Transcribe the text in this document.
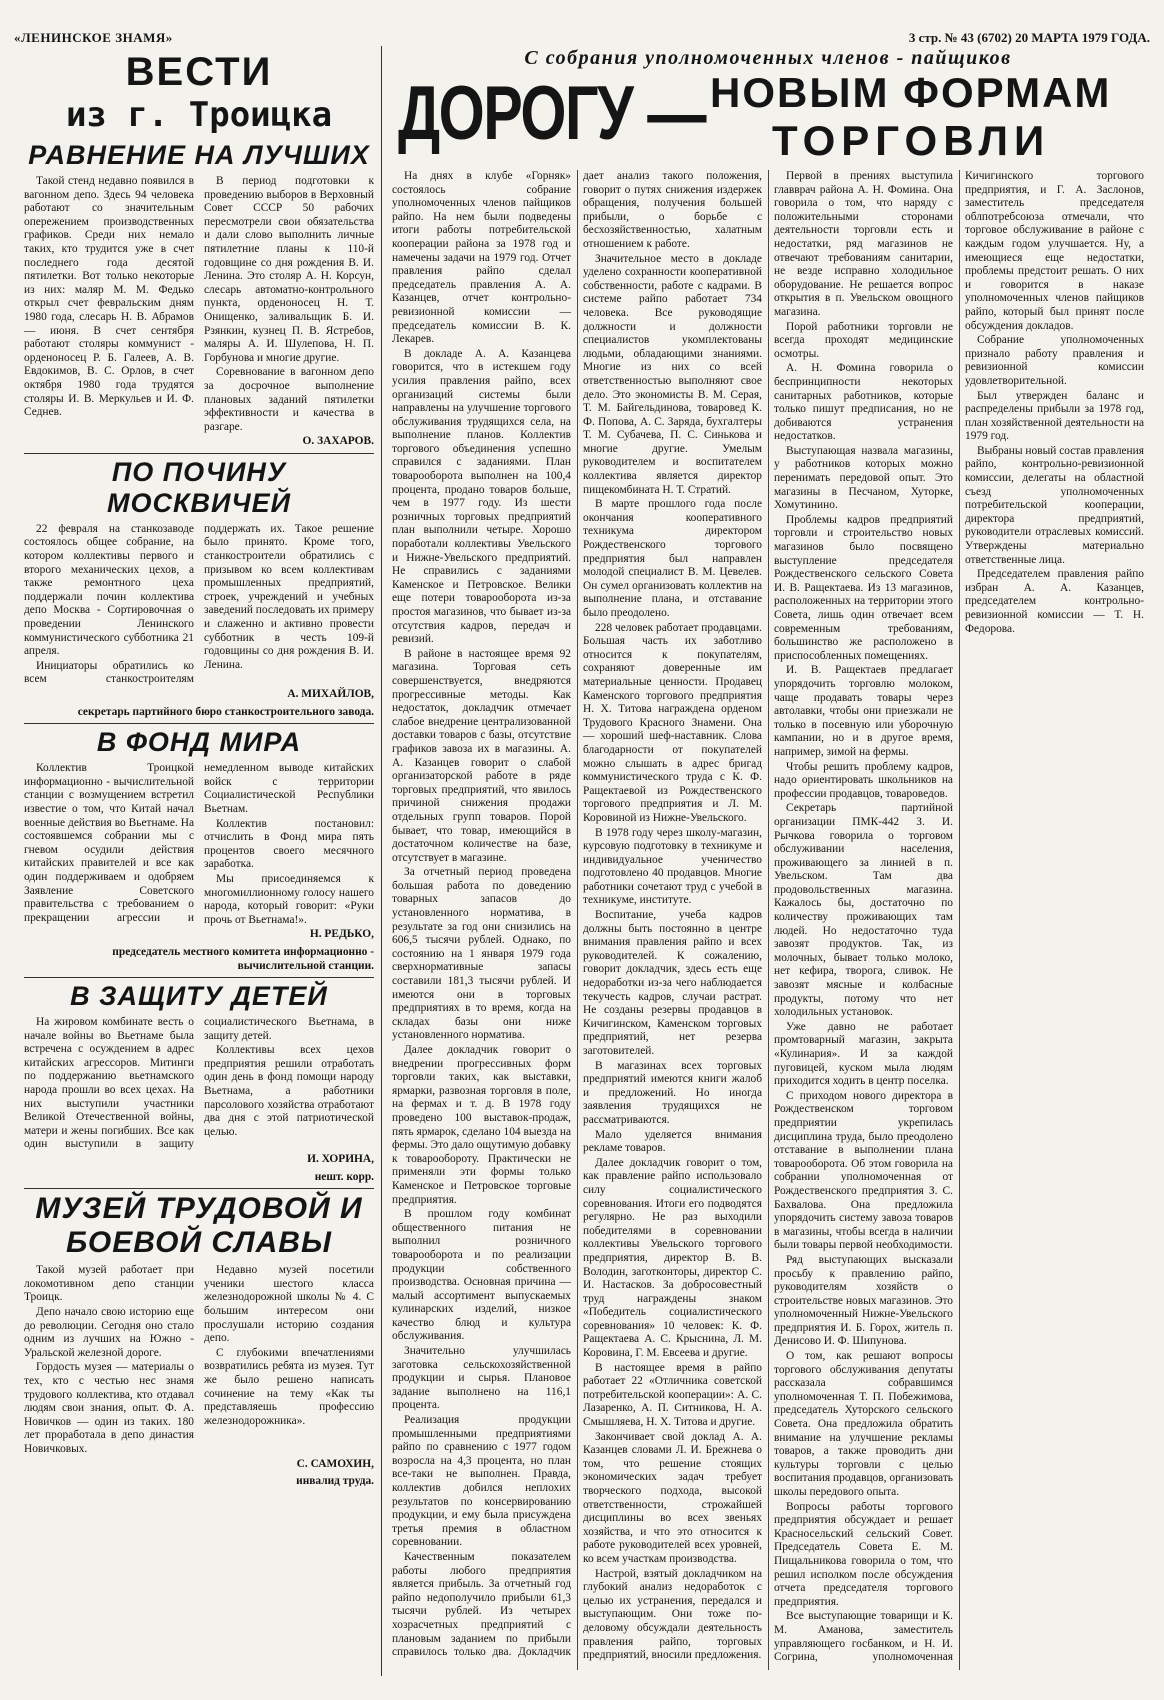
«ЛЕНИНСКОЕ ЗНАМЯ»	3 стр. № 43 (6702) 20 МАРТА 1979 ГОДА.
ВЕСТИ
из г. Троицка
РАВНЕНИЕ НА ЛУЧШИХ

Такой стенд недавно появился в вагонном депо. Здесь 94 человека работают со значительным опережением производственных графиков. Среди них немало таких, кто трудится уже в счет последнего года десятой пятилетки. Вот только некоторые из них: маляр М. М. Федько открыл счет февральским дням 1980 года, слесарь Н. В. Абрамов — июня. В счет сентября работают столяры коммунист - орденоносец Р. Б. Галеев, А. В. Евдокимов, В. С. Орлов, в счет октября 1980 года трудятся столяры И. В. Меркульев и И. Ф. Седнев.

В период подготовки к проведению выборов в Верховный Совет СССР 50 рабочих пересмотрели свои обязательства и дали слово выполнить личные пятилетние планы к 110-й годовщине со дня рождения В. И. Ленина. Это столяр А. Н. Корсун, слесарь автоматно-контрольного пункта, орденоносец Н. Т. Онищенко, заливальщик Б. И. Рзянкин, кузнец П. В. Ястребов, маляры А. И. Шулепова, Н. П. Горбунова и многие другие.

Соревнование в вагонном депо за досрочное выполнение плановых заданий пятилетки эффективности и качества в разгаре.

О. ЗАХАРОВ.
ПО ПОЧИНУ МОСКВИЧЕЙ

22 февраля на станкозаводе состоялось общее собрание, на котором коллективы первого и второго механических цехов, а также ремонтного цеха поддержали почин коллектива депо Москва - Сортировочная о проведении Ленинского коммунистического субботника 21 апреля.

Инициаторы обратились ко всем станкостроителям поддержать их. Такое решение было принято. Кроме того, станкостроители обратились с призывом ко всем коллективам промышленных предприятий, строек, учреждений и учебных заведений последовать их примеру и слаженно и активно провести субботник в честь 109-й годовщины со дня рождения В. И. Ленина.

А. МИХАЙЛОВ,
секретарь партийного бюро станкостроительного завода.
В ФОНД МИРА

Коллектив Троицкой информационно - вычислительной станции с возмущением встретил известие о том, что Китай начал военные действия во Вьетнаме. На состоявшемся собрании мы с гневом осудили действия китайских правителей и все как один поддерживаем и одобряем Заявление Советского правительства с требованием о прекращении агрессии и немедленном выводе китайских войск с территории Социалистической Республики Вьетнам.

Коллектив постановил: отчислить в Фонд мира пять процентов своего месячного заработка.

Мы присоединяемся к многомиллионному голосу нашего народа, который говорит: «Руки прочь от Вьетнама!».

Н. РЕДЬКО,
председатель местного комитета информационно - вычислительной станции.
В ЗАЩИТУ ДЕТЕЙ

На жировом комбинате весть о начале войны во Вьетнаме была встречена с осуждением в адрес китайских агрессоров. Митинги по поддержанию вьетнамского народа прошли во всех цехах. На них выступили участники Великой Отечественной войны, матери и жены погибших. Все как один выступили в защиту социалистического Вьетнама, в защиту детей.

Коллективы всех цехов предприятия решили отработать один день в фонд помощи народу Вьетнама, а работники парсолового хозяйства отработают два дня с этой патриотической целью.

И. ХОРИНА,
нешт. корр.
МУЗЕЙ ТРУДОВОЙ И БОЕВОЙ СЛАВЫ

Такой музей работает при локомотивном депо станции Троицк.

Депо начало свою историю еще до революции. Сегодня оно стало одним из лучших на Южно - Уральской железной дороге.

Гордость музея — материалы о тех, кто с честью нес знамя трудового коллектива, кто отдавал людям свои знания, опыт. Ф. А. Новичков — один из таких. 180 лет проработала в депо династия Новичковых.

Недавно музей посетили ученики шестого класса железнодорожной школы № 4. С большим интересом они прослушали историю создания депо.

С глубокими впечатлениями возвратились ребята из музея. Тут же было решено написать сочинение на тему «Как ты представляешь профессию железнодорожника».

С. САМОХИН,
инвалид труда.
С собрания уполномоченных членов - пайщиков
ДОРОГУ — НОВЫМ ФОРМАМ
ТОРГОВЛИ

На днях в клубе «Горняк» состоялось собрание уполномоченных членов пайщиков райпо. На нем были подведены итоги работы потребительской кооперации района за 1978 год и намечены задачи на 1979 год. Отчет правления райпо сделал председатель правления А. А. Казанцев, отчет контрольно-ревизионной комиссии — председатель комиссии В. К. Лекарев.

В докладе А. А. Казанцева говорится, что в истекшем году усилия правления райпо, всех организаций системы были направлены на улучшение торгового обслуживания трудящихся села, на выполнение планов. Коллектив торгового объединения успешно справился с заданиями. План товарооборота выполнен на 100,4 процента, продано товаров больше, чем в 1977 году. Из шести розничных торговых предприятий план выполнили четыре. Хорошо поработали коллективы Увельского и Нижне-Увельского предприятий. Не справились с заданиями Каменское и Петровское. Велики еще потери товарооборота из-за простоя магазинов, что бывает из-за отсутствия кадров, передач и ревизий.

В районе в настоящее время 92 магазина. Торговая сеть совершенствуется, внедряются прогрессивные методы. Как недостаток, докладчик отмечает слабое внедрение централизованной доставки товаров с базы, отсутствие графиков завоза их в магазины. А. А. Казанцев говорит о слабой организаторской работе в ряде торговых предприятий, что явилось причиной снижения продажи отдельных групп товаров. Порой бывает, что товар, имеющийся в достаточном количестве на базе, отсутствует в магазине.

За отчетный период проведена большая работа по доведению товарных запасов до установленного норматива, в результате за год они снизились на 606,5 тысячи рублей. Однако, по состоянию на 1 января 1979 года сверхнормативные запасы составили 181,3 тысячи рублей. И имеются они в торговых предприятиях в то время, когда на складах базы они ниже установленного норматива.

Далее докладчик говорит о внедрении прогрессивных форм торговли таких, как выставки, ярмарки, развозная торговля в поле, на фермах и т. д. В 1978 году проведено 100 выставок-продаж, пять ярмарок, сделано 104 выезда на фермы. Это дало ощутимую добавку к товарообороту. Практически не применяли эти формы только Каменское и Петровское торговые предприятия.

В прошлом году комбинат общественного питания не выполнил розничного товарооборота и по реализации продукции собственного производства. Основная причина — малый ассортимент выпускаемых кулинарских изделий, низкое качество блюд и культура обслуживания.

Значительно улучшилась заготовка сельскохозяйственной продукции и сырья. Плановое задание выполнено на 116,1 процента.

Реализация продукции промышленными предприятиями райпо по сравнению с 1977 годом возросла на 4,3 процента, но план все-таки не выполнен. Правда, коллектив добился неплохих результатов по консервированию продукции, и ему была присуждена третья премия в областном соревновании.

Качественным показателем работы любого предприятия является прибыль. За отчетный год райпо недополучило прибыли 61,3 тысячи рублей. Из четырех хозрасчетных предприятий с плановым заданием по прибыли справилось только два. Докладчик дает анализ такого положения, говорит о путях снижения издержек обращения, получения большей прибыли, о борьбе с бесхозяйственностью, халатным отношением к работе.

Значительное место в докладе уделено сохранности кооперативной собственности, работе с кадрами. В системе райпо работает 734 человека. Все руководящие должности и должности специалистов укомплектованы людьми, обладающими знаниями. Многие из них со всей ответственностью выполняют свое дело. Это экономисты В. М. Серая, Т. М. Байгельдинова, товаровед К. Ф. Попова, А. С. Заряда, бухгалтеры Т. М. Субачева, П. С. Синькова и многие другие. Умелым руководителем и воспитателем коллектива является директор пищекомбината Н. Т. Стратий.

В марте прошлого года после окончания кооперативного техникума директором Рождественского торгового предприятия был направлен молодой специалист В. М. Цевелев. Он сумел организовать коллектив на выполнение плана, и отставание было преодолено.

228 человек работает продавцами. Большая часть их заботливо относится к покупателям, сохраняют доверенные им материальные ценности. Продавец Каменского торгового предприятия Н. Х. Титова награждена орденом Трудового Красного Знамени. Она — хороший шеф-наставник. Слова благодарности от покупателей можно слышать в адрес бригад коммунистического труда с К. Ф. Ращектаевой из Рождественского торгового предприятия и Л. М. Коровиной из Нижне-Увельского.

В 1978 году через школу-магазин, курсовую подготовку в техникуме и индивидуальное ученичество подготовлено 40 продавцов. Многие работники сочетают труд с учебой в техникуме, институте.

Воспитание, учеба кадров должны быть постоянно в центре внимания правления райпо и всех руководителей. К сожалению, говорит докладчик, здесь есть еще недоработки из-за чего наблюдается текучесть кадров, случаи растрат. Не созданы резервы продавцов в Кичигинском, Каменском торговых предприятий, нет резерва заготовителей.

В магазинах всех торговых предприятий имеются книги жалоб и предложений. Но иногда заявления трудящихся не рассматриваются.

Мало уделяется внимания рекламе товаров.

Далее докладчик говорит о том, как правление райпо использовало силу социалистического соревнования. Итоги его подводятся регулярно. Не раз выходили победителями в соревновании коллективы Увельского торгового предприятия, директор В. В. Володин, заготконторы, директор С. И. Настасков. За добросовестный труд награждены знаком «Победитель социалистического соревнования» 10 человек: К. Ф. Ращектаева А. С. Крыснина, Л. М. Коровина, Г. М. Евсеева и другие.

В настоящее время в райпо работает 22 «Отличника советской потребительской кооперации»: А. С. Лазаренко, А. П. Ситникова, Н. А. Смышляева, Н. Х. Титова и другие.

Закончивает свой доклад А. А. Казанцев словами Л. И. Брежнева о том, что решение стоящих экономических задач требует творческого подхода, высокой ответственности, строжайшей дисциплины во всех звеньях хозяйства, и что это относится к работе руководителей всех уровней, ко всем участкам производства.

Настрой, взятый докладчиком на глубокий анализ недоработок с целью их устранения, передался и выступающим. Они тоже по-деловому обсуждали деятельность правления райпо, торговых предприятий, вносили предложения.

Первой в прениях выступила главврач района А. Н. Фомина. Она говорила о том, что наряду с положительными сторонами деятельности торговли есть и недостатки, ряд магазинов не отвечают требованиям санитарии, не везде исправно холодильное оборудование. Не решается вопрос открытия в п. Увельском овощного магазина.

Порой работники торговли не всегда проходят медицинские осмотры.

А. Н. Фомина говорила о беспринципности некоторых санитарных работников, которые только пишут предписания, но не добиваются устранения недостатков.

Выступающая назвала магазины, у работников которых можно перенимать передовой опыт. Это магазины в Песчаном, Хуторке, Хомутинино.

Проблемы кадров предприятий торговли и строительство новых магазинов было посвящено выступление председателя Рождественского сельского Совета И. В. Ращектаева. Из 13 магазинов, расположенных на территории этого Совета, лишь один отвечает всем современным требованиям, большинство же расположено в приспособленных помещениях.

И. В. Ращектаев предлагает упорядочить торговлю молоком, чаще продавать товары через автолавки, чтобы они приезжали не только в посевную или уборочную кампании, но и в другое время, например, зимой на фермы.

Чтобы решить проблему кадров, надо ориентировать школьников на профессии продавцов, товароведов.

Секретарь партийной организации ПМК-442 З. И. Рычкова говорила о торговом обслуживании населения, проживающего за линией в п. Увельском. Там два продовольственных магазина. Кажалось бы, достаточно по количеству проживающих там людей. Но недостаточно туда завозят продуктов. Так, из молочных, бывает только молоко, нет кефира, творога, сливок. Не завозят мясные и колбасные продукты, потому что нет холодильных установок.

Уже давно не работает промтоварный магазин, закрыта «Кулинария». И за каждой пуговицей, куском мыла людям приходится ходить в центр поселка.

С приходом нового директора в Рождественском торговом предприятии укрепилась дисциплина труда, было преодолено отставание в выполнении плана товарооборота. Об этом говорила на собрании уполномоченная от Рождественского предприятия З. С. Бахвалова. Она предложила упорядочить систему завоза товаров в магазины, чтобы всегда в наличии были товары первой необходимости.

Ряд выступающих высказали просьбу к правлению райпо, руководителям хозяйств о строительстве новых магазинов. Это уполномоченный Нижне-Увельского предприятия И. Б. Горох, житель п. Денисово И. Ф. Шипунова.

О том, как решают вопросы торгового обслуживания депутаты рассказала собравшимся уполномоченная Т. П. Побежимова, председатель Хуторского сельского Совета. Она предложила обратить внимание на улучшение рекламы товаров, а также проводить дни культуры торговли с целью воспитания продавцов, организовать школы передового опыта.

Вопросы работы торгового предприятия обсуждает и решает Красносельский сельский Совет. Председатель Совета Е. М. Пищальникова говорила о том, что решил исполком после обсуждения отчета председателя торгового предприятия.

Все выступающие товарищи и К. М. Аманова, заместитель управляющего госбанком, и Н. И. Согрина, уполномоченная Кичигинского торгового предприятия, и Г. А. Заслонов, заместитель председателя облпотребсоюза отмечали, что торговое обслуживание в районе с каждым годом улучшается. Ну, а имеющиеся еще недостатки, проблемы предстоит решать. О них и говорится в наказе уполномоченных членов пайщиков райпо, который был принят после обсуждения докладов.

Собрание уполномоченных признало работу правления и ревизионной комиссии удовлетворительной.

Был утвержден баланс и распределены прибыли за 1978 год, план хозяйственной деятельности на 1979 год.

Выбраны новый состав правления райпо, контрольно-ревизионной комиссии, делегаты на областной съезд уполномоченных потребительской кооперации, директора предприятий, руководители отраслевых комиссий. Утверждены материально ответственные лица.

Председателем правления райпо избран А. А. Казанцев, председателем контрольно-ревизионной комиссии — Т. Н. Федорова.
